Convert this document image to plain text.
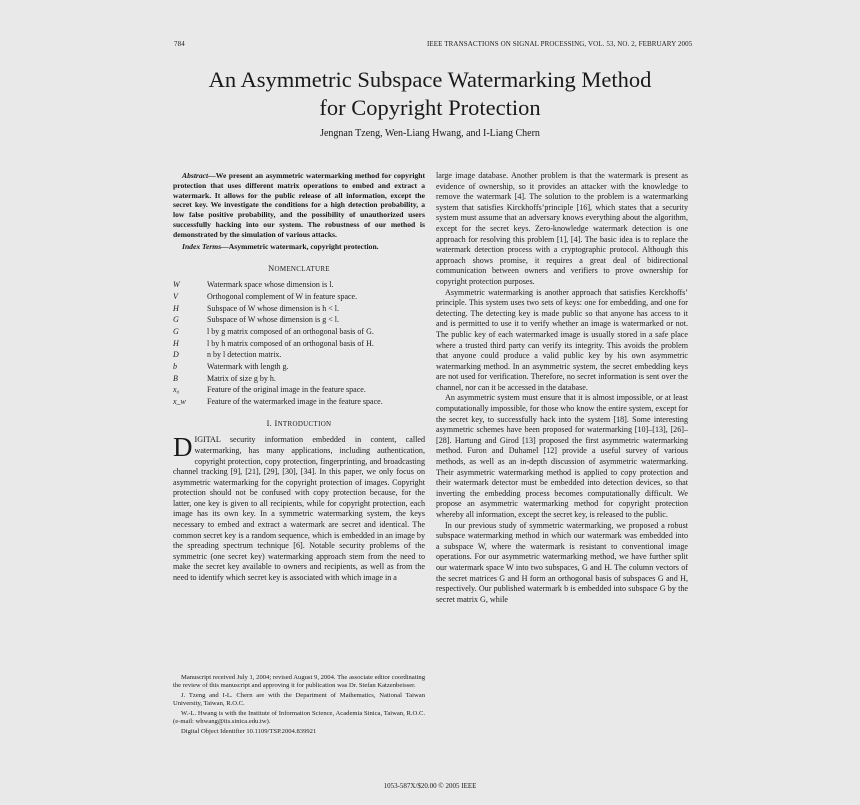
784	IEEE TRANSACTIONS ON SIGNAL PROCESSING, VOL. 53, NO. 2, FEBRUARY 2005
An Asymmetric Subspace Watermarking Method
for Copyright Protection
Jengnan Tzeng, Wen-Liang Hwang, and I-Liang Chern

Abstract—We present an asymmetric watermarking method for copyright protection that uses different matrix operations to embed and extract a watermark. It allows for the public release of all information, except the secret key. We investigate the conditions for a high detection probability, a low false positive probability, and the possibility of unauthorized users successfully hacking into our system. The robustness of our method is demonstrated by the simulation of various attacks.

Index Terms—Asymmetric watermark, copyright protection.

NOMENCLATURE
W	Watermark space whose dimension is l.
V	Orthogonal complement of W in feature space.
H	Subspace of W whose dimension is h < l.
G	Subspace of W whose dimension is g < l.
G	l by g matrix composed of an orthogonal basis of G.
H	l by h matrix composed of an orthogonal basis of H.
D	n by l detection matrix.
b	Watermark with length g.
B	Matrix of size g by h.
x₀	Feature of the original image in the feature space.
x_w	Feature of the watermarked image in the feature space.
I. INTRODUCTION

DIGITAL security information embedded in content, called watermarking, has many applications, including authentication, copyright protection, copy protection, fingerprinting, and broadcasting channel tracking [9], [21], [29], [30], [34]. In this paper, we only focus on asymmetric watermarking for the copyright protection of images. Copyright protection should not be confused with copy protection because, for the latter, one key is given to all recipients, while for copyright protection, each image has its own key. In a symmetric watermarking system, the keys necessary to embed and extract a watermark are secret and identical. The common secret key is a random sequence, which is embedded in an image by the spreading spectrum technique [6]. Notable security problems of the symmetric (one secret key) watermarking approach stem from the need to make the secret key available to owners and recipients, as well as from the need to identify which secret key is associated with which image in a

Manuscript received July 1, 2004; revised August 9, 2004. The associate editor coordinating the review of this manuscript and approving it for publication was Dr. Stefan Katzenbeisser.

J. Tzeng and I-L. Chern are with the Department of Mathematics, National Taiwan University, Taiwan, R.O.C.

W.-L. Hwang is with the Institute of Information Science, Academia Sinica, Taiwan, R.O.C. (e-mail: whwang@iis.sinica.edu.tw).

Digital Object Identifier 10.1109/TSP.2004.839921

large image database. Another problem is that the watermark is present as evidence of ownership, so it provides an attacker with the knowledge to remove the watermark [4]. The solution to the problem is a watermarking system that satisfies Kirckhoffs’principle [16], which states that a security system must assume that an adversary knows everything about the algorithm, except for the secret keys. Zero-knowledge watermark detection is one approach for resolving this problem [1], [4]. The basic idea is to replace the watermark detection process with a cryptographic protocol. Although this approach shows promise, it requires a great deal of bidirectional communication between owners and verifiers to prove ownership for copyright protection purposes.

Asymmetric watermarking is another approach that satisfies Kerckhoffs’ principle. This system uses two sets of keys: one for embedding, and one for detecting. The detecting key is made public so that anyone has access to it and is permitted to use it to verify whether an image is watermarked or not. The public key of each watermarked image is usually stored in a safe place where a trusted third party can verify its integrity. This avoids the problem that anyone could produce a valid public key by his own asymmetric watermarking method. In an asymmetric system, the secret embedding keys are not used for verification. Therefore, no secret information is sent over the channel, nor can it be accessed in the database.

An asymmetric system must ensure that it is almost impossible, or at least computationally impossible, for those who know the entire system, except for the secret key, to successfully hack into the system [18]. Some interesting asymmetric schemes have been proposed for watermarking [10]–[13], [26]–[28]. Hartung and Girod [13] proposed the first asymmetric watermarking method. Furon and Duhamel [12] provide a useful survey of various methods, as well as an in-depth discussion of asymmetric watermarking. Their asymmetric watermarking method is applied to copy protection and their watermark detector must be embedded into detection devices, so that inverting the embedding process becomes computationally difficult. We propose an asymmetric watermarking method for copyright protection whereby all information, except the secret key, is released to the public.

In our previous study of symmetric watermarking, we proposed a robust subspace watermarking method in which our watermark was embedded into a subspace W, where the watermark is resistant to conventional image operations. For our asymmetric watermarking method, we have further split our watermark space W into two subspaces, G and H. The column vectors of the secret matrices G and H form an orthogonal basis of subspaces G and H, respectively. Our published watermark b is embedded into subspace G by the secret matrix G, while

1053-587X/$20.00 © 2005 IEEE
